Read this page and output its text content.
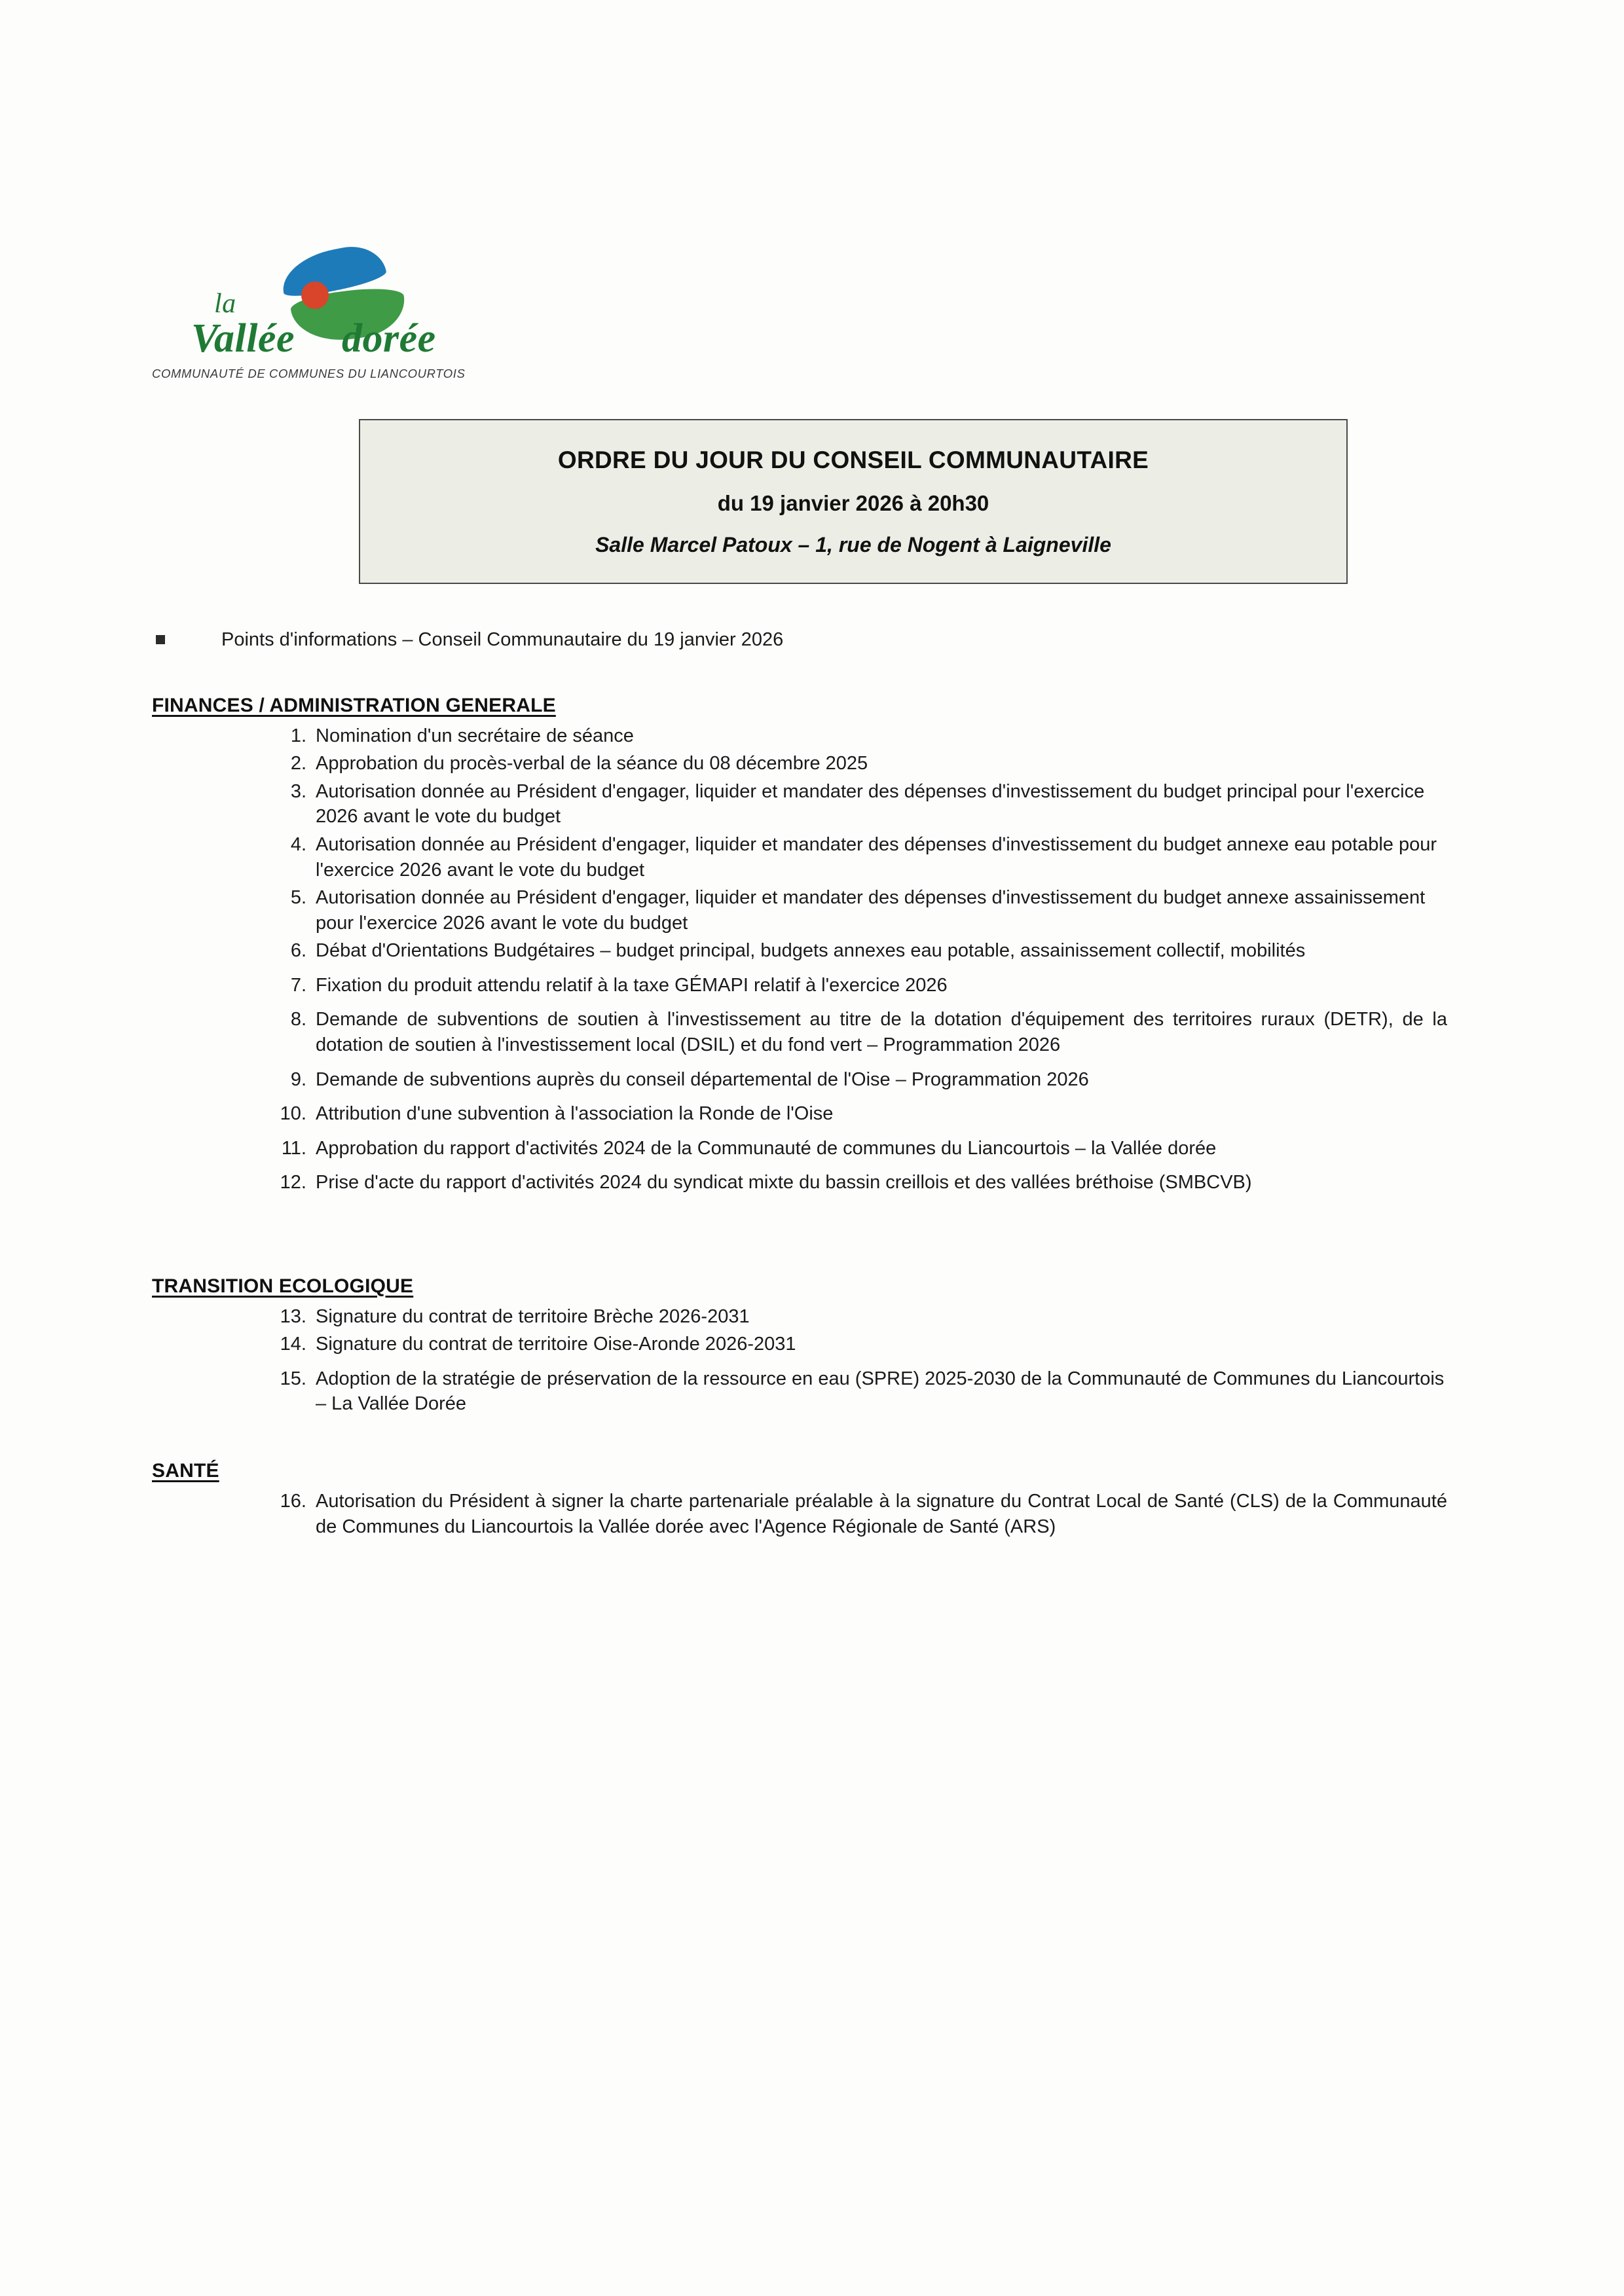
la
Vallée dorée
COMMUNAUTÉ DE COMMUNES DU LIANCOURTOIS
ORDRE DU JOUR DU CONSEIL COMMUNAUTAIRE
du 19 janvier 2026 à 20h30
Salle Marcel Patoux – 1, rue de Nogent à Laigneville
Points d'informations – Conseil Communautaire du 19 janvier 2026
FINANCES / ADMINISTRATION GENERALE
1. Nomination d'un secrétaire de séance
2. Approbation du procès-verbal de la séance du 08 décembre 2025
3. Autorisation donnée au Président d'engager, liquider et mandater des dépenses d'investissement du budget principal pour l'exercice 2026 avant le vote du budget
4. Autorisation donnée au Président d'engager, liquider et mandater des dépenses d'investissement du budget annexe eau potable pour l'exercice 2026 avant le vote du budget
5. Autorisation donnée au Président d'engager, liquider et mandater des dépenses d'investissement du budget annexe assainissement pour l'exercice 2026 avant le vote du budget
6. Débat d'Orientations Budgétaires – budget principal, budgets annexes eau potable, assainissement collectif, mobilités
7. Fixation du produit attendu relatif à la taxe GÉMAPI relatif à l'exercice 2026
8. Demande de subventions de soutien à l'investissement au titre de la dotation d'équipement des territoires ruraux (DETR), de la dotation de soutien à l'investissement local (DSIL) et du fond vert – Programmation 2026
9. Demande de subventions auprès du conseil départemental de l'Oise – Programmation 2026
10. Attribution d'une subvention à l'association la Ronde de l'Oise
11. Approbation du rapport d'activités 2024 de la Communauté de communes du Liancourtois – la Vallée dorée
12. Prise d'acte du rapport d'activités 2024 du syndicat mixte du bassin creillois et des vallées bréthoise (SMBCVB)
TRANSITION ECOLOGIQUE
13. Signature du contrat de territoire Brèche 2026-2031
14. Signature du contrat de territoire Oise-Aronde 2026-2031
15. Adoption de la stratégie de préservation de la ressource en eau (SPRE) 2025-2030 de la Communauté de Communes du Liancourtois – La Vallée Dorée
SANTÉ
16. Autorisation du Président à signer la charte partenariale préalable à la signature du Contrat Local de Santé (CLS) de la Communauté de Communes du Liancourtois la Vallée dorée avec l'Agence Régionale de Santé (ARS)
